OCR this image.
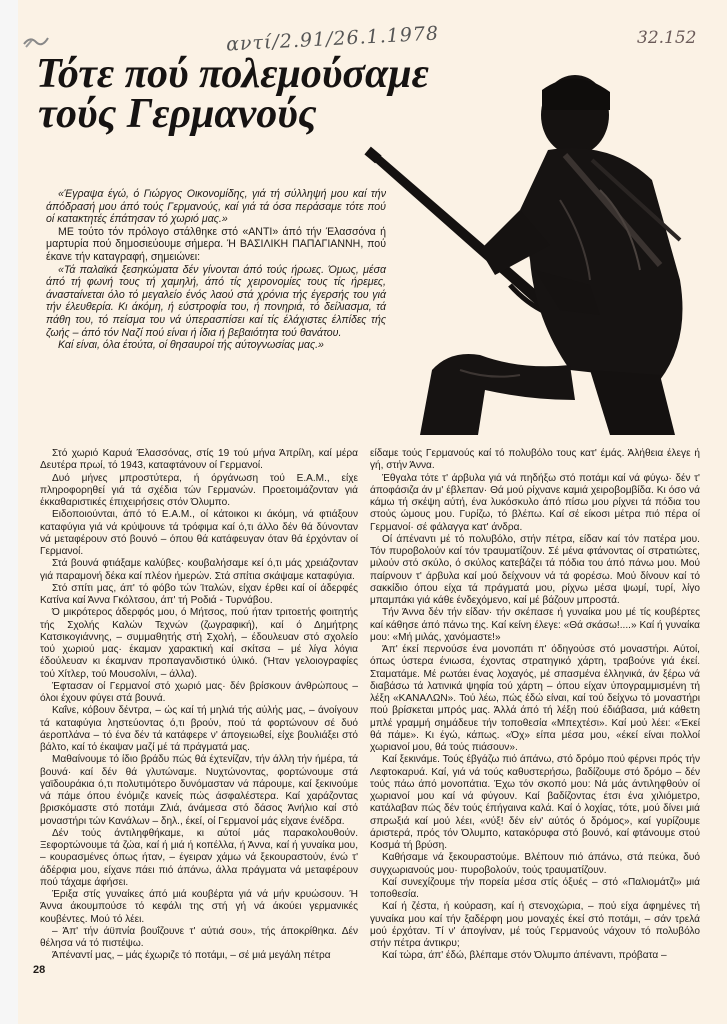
αντί/2.91/26.1.1978	32.152
Τότε πού πολεμούσαμε
τούς Γερμανούς

«Έγραψα έγώ, ό Γιώργος Οικονομίδης, γιά τή σύλληψή μου καί τήν άπόδρασή μου άπό τούς Γερμανούς, καί γιά τά όσα περάσαμε τότε πού οί κατακτητές έπάτησαν τό χωριό μας.»

ΜΕ τούτο τόν πρόλογο στάλθηκε στό «ΑΝΤΙ» άπό τήν Έλασσόνα ή μαρτυρία πού δημοσιεύουμε σήμερα. Ή ΒΑΣΙΛΙΚΗ ΠΑΠΑΓΙΑΝΝΗ, πού έκανε τήν καταγραφή, σημειώνει:

«Τά παλαϊκά ξεσηκώματα δέν γίνονται άπό τούς ήρωες. Όμως, μέσα άπό τή φωνή τους τή χαμηλή, άπό τίς χειρονομίες τους τίς ήρεμες, άνασταίνεται όλο τό μεγαλείο ένός λαού στά χρόνια τής έγερσής του γιά τήν έλευθερία. Κι άκόμη, ή εύστροφία του, ή πονηριά, τό δείλιασμα, τά πάθη του, τό πείσμα του νά ύπερασπίσει καί τίς έλάχιστες έλπίδες τής ζωής – άπό τόν Ναζί πού είναι ή ίδια ή βεβαιότητα τού θανάτου.

Καί είναι, όλα έτούτα, οί θησαυροί τής αύτογνωσίας μας.»

Στό χωριό Καρυά Έλασσόνας, στίς 19 τού μήνα Άπρίλη, καί μέρα Δευτέρα πρωί, τό 1943, καταφτάνουν οί Γερμανοί.

Δυό μήνες μπροστύτερα, ή όργάνωση τού Ε.Α.Μ., είχε πληροφορηθεί γιά τά σχέδια τών Γερμανών. Προετοιμάζονταν γιά έκκαθαριστικές έπιχειρήσεις στόν Όλυμπο.

Ειδοποιούνται, άπό τό Ε.Α.Μ., οί κάτοικοι κι άκόμη, νά φτιάξουν καταφύγια γιά νά κρύψουνε τά τρόφιμα καί ό,τι άλλο δέν θά δύνονταν νά μεταφέρουν στό βουνό – όπου θά κατάφευγαν όταν θά έρχόνταν οί Γερμανοί.

Στά βουνά φτιάξαμε καλύβες· κουβαλήσαμε κεί ό,τι μάς χρειάζονταν γιά παραμονή δέκα καί πλέον ήμερών. Στά σπίτια σκάψαμε καταφύγια.

Στό σπίτι μας, άπ' τό φόβο τών Ίταλών, είχαν έρθει καί οί άδερφές Κατίνα καί Άννα Γκόλτσου, άπ' τή Ροδιά - Τυρνάβου.

Ό μικρότερος άδερφός μου, ό Μήτσος, πού ήταν τριτοετής φοιτητής τής Σχολής Καλών Τεχνών (ζωγραφική), καί ό Δημήτρης Κατσικογιάννης, – συμμαθητής στή Σχολή, – έδουλευαν στό σχολείο τού χωριού μας· έκαμαν χαρακτική καί σκίτσα – μέ λίγα λόγια έδούλευαν κι έκαμναν προπαγανδιστικό ύλικό. (Ήταν γελοιογραφίες τού Χίτλερ, τού Μουσολίνι, – άλλα).

Έφτασαν οί Γερμανοί στό χωριό μας· δέν βρίσκουν άνθρώπους – όλοι έχουν φύγει στά βουνά.

Καΐνε, κόβουν δέντρα, – ώς καί τή μηλιά τής αύλής μας, – άνοίγουν τά καταφύγια ληστεύοντας ό,τι βρούν, πού τά φορτώνουν σέ δυό άεροπλάνα – τό ένα δέν τά κατάφερε ν' άπογειωθεί, είχε βουλιάξει στό βάλτο, καί τό έκαψαν μαζί μέ τά πράγματά μας.

Μαθαίνουμε τό ίδιο βράδυ πώς θά έχτενίζαν, τήν άλλη τήν ήμέρα, τά βουνά· καί δέν θά γλυτώναμε. Νυχτώνοντας, φορτώνουμε στά γαϊδουράκια ό,τι πολυτιμότερο δυνόμασταν νά πάρουμε, καί ξεκινούμε νά πάμε όπου ένόμιζε κανείς πώς άσφαλέστερα. Καί χαράζοντας βρισκόμαστε στό ποτάμι Ζλιά, άνάμεσα στό δάσος Άνήλιο καί στό μοναστήρι τών Κανάλων – δηλ., έκεί, οί Γερμανοί μάς είχανε ένέδρα.

Δέν τούς άντιληφθήκαμε, κι αύτοί μάς παρακολουθούν. Ξεφορτώνουμε τά ζώα, καί ή μιά ή κοπέλλα, ή Άννα, καί ή γυναίκα μου, – κουρασμένες όπως ήταν, – έγειραν χάμω νά ξεκουραστούν, ένώ τ' άδέρφια μου, είχανε πάει πιό άπάνω, άλλα πράγματα νά μεταφέρουν πού τάχαμε άφήσει.

Έριξα στίς γυναίκες άπό μιά κουβέρτα γιά νά μήν κρυώσουν. Ή Άννα άκουμπούσε τό κεφάλι της στή γή νά άκούει γερμανικές κουβέντες. Μού τό λέει.

– Άπ' τήν άϋπνία βουΐζουνε τ' αύτιά σου», τής άποκρίθηκα. Δέν θέλησα νά τό πιστέψω.

Άπέναντί μας, – μάς έχωριζε τό ποτάμι, – σέ μιά μεγάλη πέτρα

είδαμε τούς Γερμανούς καί τό πολυβόλο τους κατ' έμάς. Άλήθεια έλεγε ή γή, στήν Άννα.

Έθγαλα τότε τ' άρβυλα γιά νά πηδήξω στό ποτάμι καί νά φύγω· δέν τ' άποφάσιζα άν μ' έβλεπαν· Θά μού ρίχνανε καμιά χειροβομβίδα. Κι όσο νά κάμω τή σκέψη αύτή, ένα λυκόσκυλο άπό πίσω μου ρίχνει τά πόδια του στούς ώμους μου. Γυρίζω, τό βλέπω. Καί σέ είκοσι μέτρα πιό πέρα οί Γερμανοί· σέ φάλαγγα κατ' άνδρα.

Οί άπέναντι μέ τό πολυβόλο, στήν πέτρα, είδαν καί τόν πατέρα μου. Τόν πυροβολούν καί τόν τραυματίζουν. Σέ μένα φτάνοντας οί στρατιώτες, μιλούν στό σκύλο, ό σκύλος κατεβάζει τά πόδια του άπό πάνω μου. Μού παίρνουν τ' άρβυλα καί μού δείχνουν νά τά φορέσω. Μού δίνουν καί τό σακκίδιο όπου είχα τά πράγματά μου, ρίχνω μέσα ψωμί, τυρί, λίγο μπαμπάκι γιά κάθε ένδεχόμενο, καί μέ βάζουν μπροστά.

Τήν Άννα δέν τήν είδαν· τήν σκέπασε ή γυναίκα μου μέ τίς κουβέρτες καί κάθησε άπό πάνω της. Καί κείνη έλεγε: «Θά σκάσω!....» Καί ή γυναίκα μου: «Μή μιλάς, χανόμαστε!»

Άπ' έκεί περνούσε ένα μονοπάτι π' όδηγούσε στό μοναστήρι. Αύτοί, όπως ύστερα ένιωσα, έχοντας στρατηγικό χάρτη, τραβούνε γιά έκεί. Σταματάμε. Μέ ρωτάει ένας λοχαγός, μέ σπασμένα έλληνικά, άν ξέρω νά διαβάσω τά λατινικά ψηφία τού χάρτη – όπου είχαν ύπογραμμισμένη τή λέξη «ΚΑΝΑΛΩΝ». Τού λέω, πώς έδώ είναι, καί τού δείχνω τό μοναστήρι πού βρίσκεται μπρός μας. Άλλά άπό τή λέξη πού έδιάβασα, μιά κάθετη μπλέ γραμμή σημάδευε τήν τοποθεσία «Μπεχτέσι». Καί μού λέει: «Έκεί θά πάμε». Κι έγώ, κάπως. «Όχ» είπα μέσα μου, «έκεί είναι πολλοί χωριανοί μου, θά τούς πιάσουν».

Καί ξεκινάμε. Τούς έβγάζω πιό άπάνω, στό δρόμο πού φέρνει πρός τήν Λεφτοκαρυά. Καί, γιά νά τούς καθυστερήσω, βαδίζουμε στό δρόμο – δέν τούς πάω άπό μονοπάτια. Έχω τόν σκοπό μου: Νά μάς άντιληφθούν οί χωριανοί μου καί νά φύγουν. Καί βαδίζοντας έτσι ένα χιλιόμετρο, κατάλαβαν πώς δέν τούς έπήγαινα καλά. Καί ό λοχίας, τότε, μού δίνει μιά σπρωξιά καί μού λέει, «νύξ! δέν είν' αύτός ό δρόμος», καί γυρίζουμε άριστερά, πρός τόν Όλυμπο, κατακόρυφα στό βουνό, καί φτάνουμε στού Κοσμά τή βρύση.

Καθήσαμε νά ξεκουραστούμε. Βλέπουν πιό άπάνω, στά πεύκα, δυό συγχωριανούς μου· πυροβολούν, τούς τραυματίζουν.

Καί συνεχίζουμε τήν πορεία μέσα στίς όξυές – στό «Παλιομάτζι» μιά τοποθεσία.

Καί ή ζέστα, ή κούραση, καί ή στενοχώρια, – πού είχα άφημένες τή γυναίκα μου καί τήν ξαδέρφη μου μοναχές έκεί στό ποτάμι, – σάν τρελά μού έρχόταν. Τί ν' άπογίναν, μέ τούς Γερμανούς νάχουν τό πολυβόλο στήν πέτρα άντικρυ;

Καί τώρα, άπ' έδώ, βλέπαμε στόν Όλυμπο άπέναντι, πρόβατα –

28
